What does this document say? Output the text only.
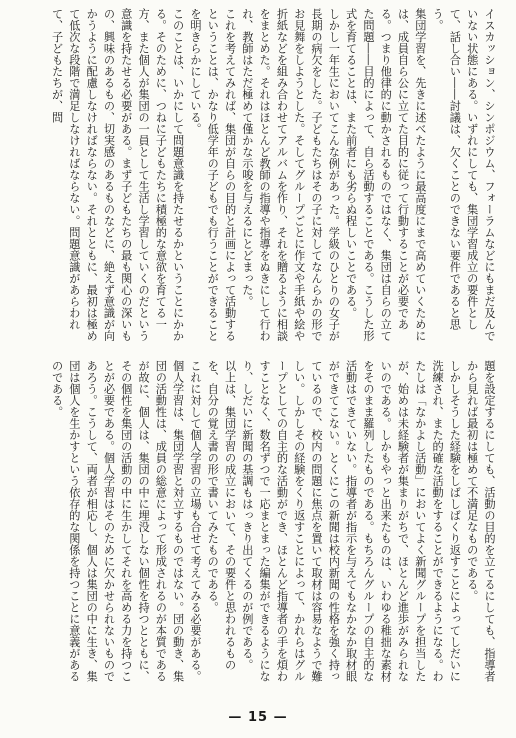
イスカッション、シンポジウム、フォーラムなどにもまだ及んでいない状態にある。いずれにしても、集団学習成立の要件として、話し合い――討議は、欠くことのできない要件であると思う。

集団学習を、先きに述べたように最高度にまで高めていくためには、成員自ら公に立てた目的に従って行動することが必要である。つまり他律的に動かされるものではなく、集団は自らの立てた問題――目的によって、自ら活動することである。こうした形式を育てることは、また前者にも劣らぬ程しいことである。

しかし一年生においてこんな例があった。学級のひとりの女子が長期の病欠をした。子どもたちはその子に対してなんらかの形でお見舞をしようとした。そしてグループごとに作文や手紙や絵や折紙などを組み合わせてアルバムを作り、それを贈るように相談をまとめた。それはほとんど教師の指導や指導をぬきにして行われ、教師はただ極めて僅かな示唆を与えるにとどまった。

これを考えてみれば、集団が自らの目的と計画によって活動するということは、かなり低学年の子どもでも行うことができることを明きらかにしている。

このことは、いかにして問題意識を持たせるかということにかかる。そのために、つねに子どもたちに積極的な意欲を育てる一方、また個人が集団の一員として生活し学習していくのだという意識を持たせる必要がある。まず子どもたちの最も関心の深いもの、興味のあるもの、切実感のあるものなどに、絶えず意識が向かうように配慮しなければならない。それとともに、最初は極めて低次な段階で満足しなければならない。問題意識があらわれて、子どもたちが、問

題を設定するにしても、活動の目的を立てるにしても、指導者から見れば最初は極めて不満足なものである。

しかしそうした経験をしばしばくり返すことによってしだいに洗練され、また的確な活動をすることができるようになる。わたしは「なかよし活動」においてよく新聞グループを担当したが、始めは未経験者が集まりがちで、ほとんど進歩がみられないのである。しかもやっと出来たものは、いわゆる稚拙な素材をそのまま羅列したものである。もちろんグループの自主的な活動はできていない。指導者が指示を与えてもなかなか取材眼ができてこない。とくにこの新聞は校内新聞の性格を強く持っているので、校内の問題に焦点を置いて取材は容易なようで難しい。しかしその経験をくり返すことによって、かれらはグループとしての自主的な活動ができ、ほとんど指導者の手を煩わすことなく、数名ずつで一応まとまった編集ができるようになり、しだいに新聞の基調もはっきり出てくるのが例である。

以上は、集団学習の成立において、その要件と思われるものを、自分の覚え書の形で書いてみたものである。

これに対して個人学習の立場も合せて考えてみる必要がある。

個人学習は、集団学習と対立するものではない。団の動き、集団の活動性は、成員の総意によって形成されるのが本質であるが故に、個人は、集団の中に埋没しない個性を持つとともに、その個性を集団の活動の中に生かしてそれを高める力を持つことが必要である。個人学習はそのために欠かせられないものであろう。こうして、両者が相応し、個人は集団の中に生き、集団は個人を生かすという依存的な関係を持つことに意義があるのである。

— 15 —
